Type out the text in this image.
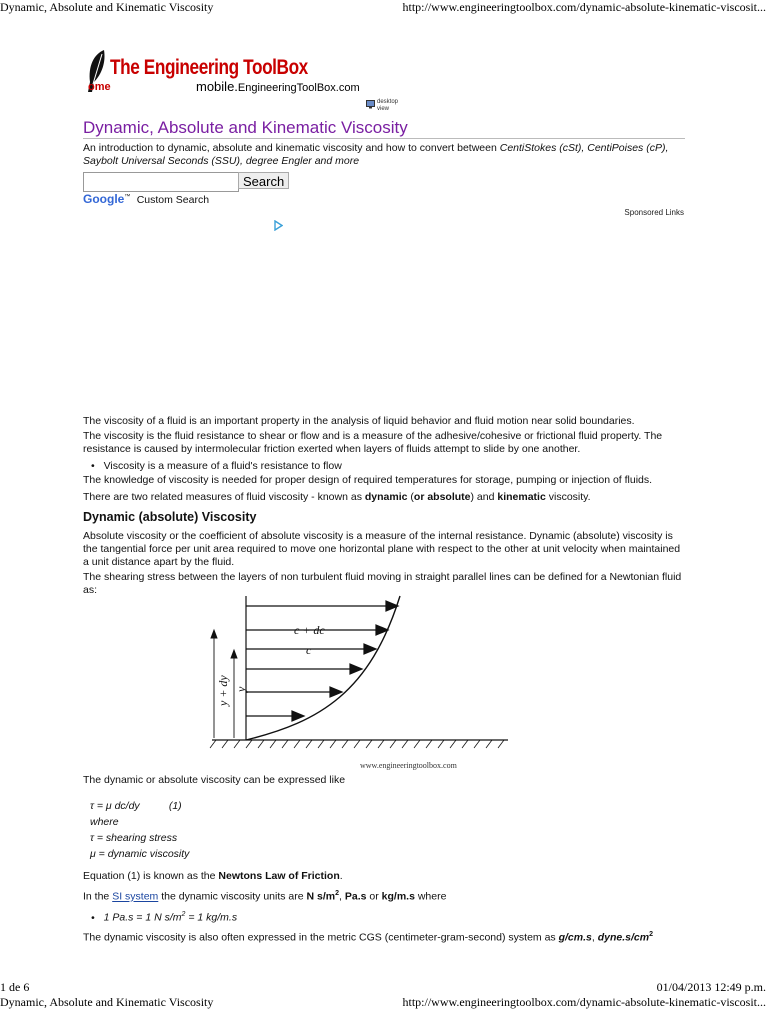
Dynamic, Absolute and Kinematic Viscosity	http://www.engineeringtoolbox.com/dynamic-absolute-kinematic-viscosit...
The Engineering ToolBox
ome	mobile.EngineeringToolBox.com
desktop
view
Dynamic, Absolute and Kinematic Viscosity
An introduction to dynamic, absolute and kinematic viscosity and how to convert between CentiStokes (cSt), CentiPoises (cP), Saybolt Universal Seconds (SSU), degree Engler and more
Search
Google™ Custom Search
Sponsored Links
The viscosity of a fluid is an important property in the analysis of liquid behavior and fluid motion near solid boundaries.
The viscosity is the fluid resistance to shear or flow and is a measure of the adhesive/cohesive or frictional fluid property. The resistance is caused by intermolecular friction exerted when layers of fluids attempt to slide by one another.
• Viscosity is a measure of a fluid's resistance to flow
The knowledge of viscosity is needed for proper design of required temperatures for storage, pumping or injection of fluids.
There are two related measures of fluid viscosity - known as dynamic (or absolute) and kinematic viscosity.
Dynamic (absolute) Viscosity
Absolute viscosity or the coefficient of absolute viscosity is a measure of the internal resistance. Dynamic (absolute) viscosity is the tangential force per unit area required to move one horizontal plane with respect to the other at unit velocity when maintained a unit distance apart by the fluid.
The shearing stress between the layers of non turbulent fluid moving in straight parallel lines can be defined for a Newtonian fluid as:
c + dc
c
y + dy y
www.engineeringtoolbox.com
The dynamic or absolute viscosity can be expressed like
τ = μ dc/dy          (1)
where
τ = shearing stress
μ = dynamic viscosity
Equation (1) is known as the Newtons Law of Friction.
In the SI system the dynamic viscosity units are N $s/m^2$, Pa.s or kg/m.s where
• 1 Pa.s = 1 N $s/m^2 = 1$ kg/m.s
The dynamic viscosity is also often expressed in the metric CGS (centimeter-gram-second) system as g/cm.s, $dyne.s/cm^2$
1 de 6	01/04/2013 12:49 p.m.
Dynamic, Absolute and Kinematic Viscosity	http://www.engineeringtoolbox.com/dynamic-absolute-kinematic-viscosit...
